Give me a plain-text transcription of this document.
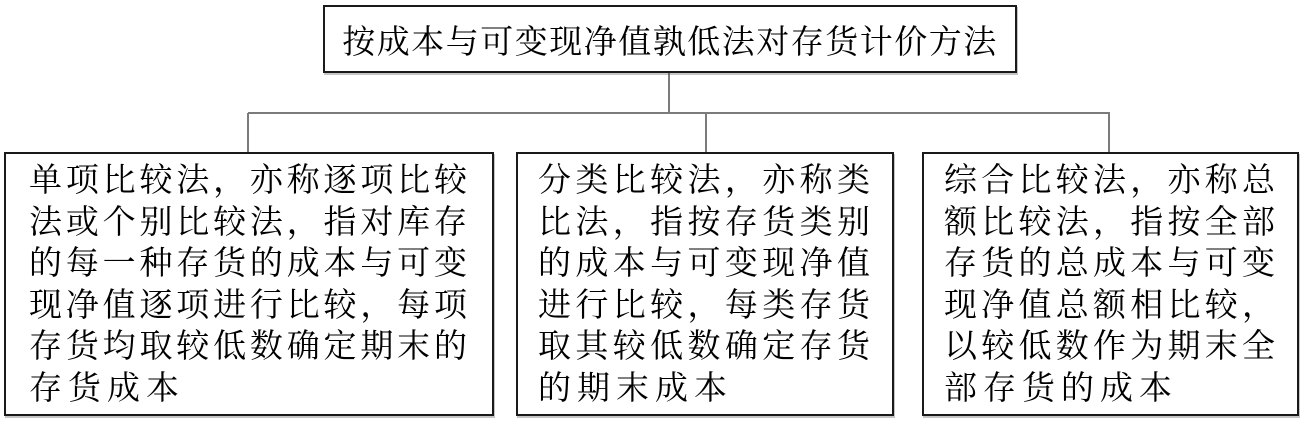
按成本与可变现净值孰低法对存货计价方法
单项比较法，亦称逐项比较
法或个别比较法，指对库存
的每一种存货的成本与可变
现净值逐项进行比较，每项
存货均取较低数确定期末的
存货成本
分类比较法，亦称类
比法，指按存货类别
的成本与可变现净值
进行比较，每类存货
取其较低数确定存货
的期末成本
综合比较法，亦称总
额比较法，指按全部
存货的总成本与可变
现净值总额相比较，
以较低数作为期末全
部存货的成本
